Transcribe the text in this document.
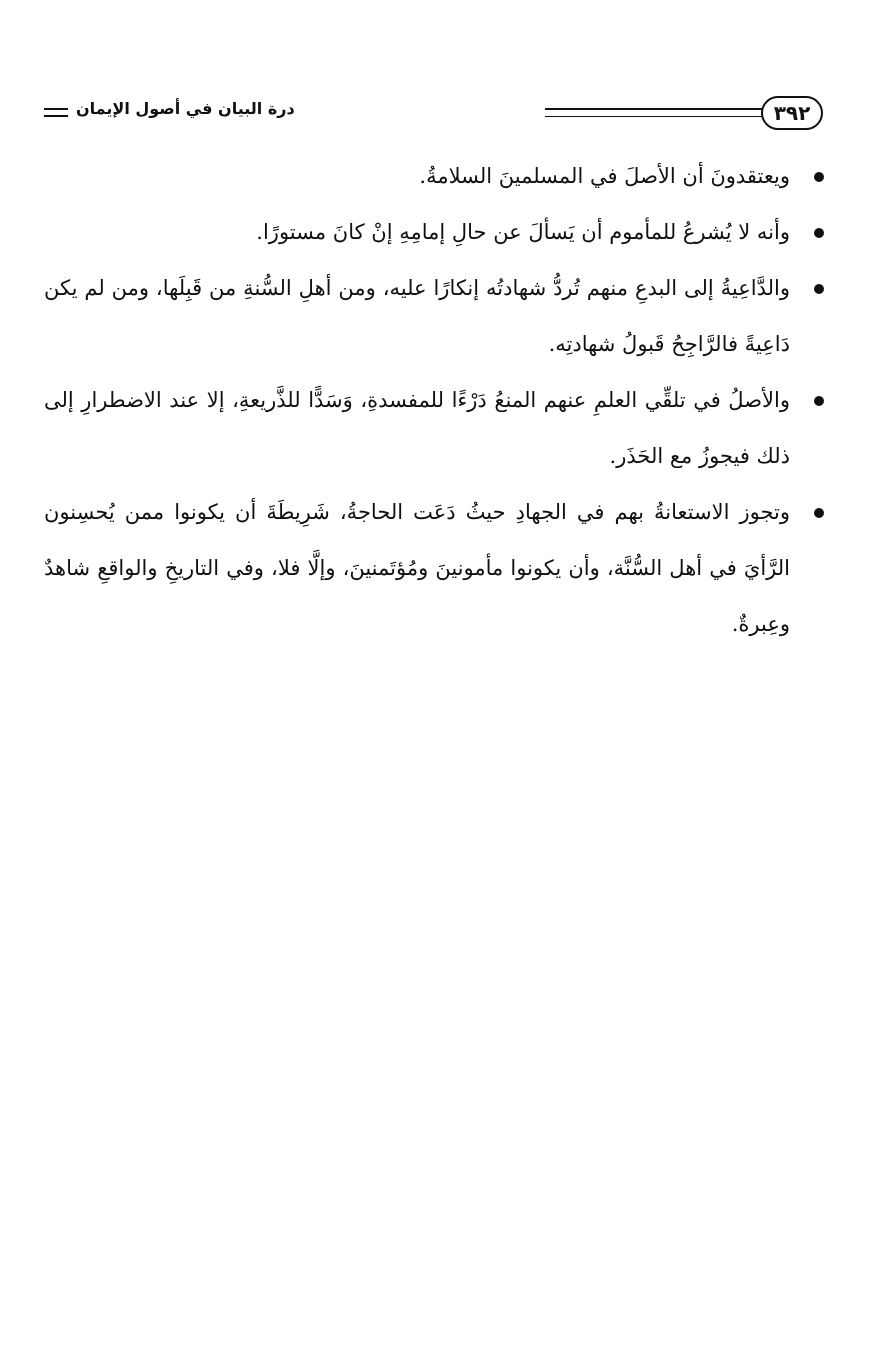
٣٩٢
درة البيان في أصول الإيمان

ويعتقدونَ أن الأصلَ في المسلمينَ السلامةُ.

وأنه لا يُشرعُ للمأموم أن يَسألَ عن حالِ إمامِهِ إنْ كانَ مستورًا.

والدَّاعِيةُ إلى البدعِ منهم تُردُّ شهادتُه إنكارًا عليه، ومن أهلِ السُّنةِ من قَبِلَها، ومن لم يكن دَاعِيةً فالرَّاجِحُ قَبولُ شهادتِه.

والأصلُ في تلقِّي العلمِ عنهم المنعُ دَرْءًا للمفسدةِ، وَسَدًّا للذَّريعةِ، إلا عند الاضطرارِ إلى ذلك فيجوزُ مع الحَذَر.

وتجوز الاستعانةُ بهم في الجهادِ حيثُ دَعَت الحاجةُ، شَرِيطَةَ أن يكونوا ممن يُحسِنون الرَّأيَ في أهل السُّنَّة، وأن يكونوا مأمونينَ ومُؤتَمنينَ، وإلَّا فلا، وفي التاريخِ والواقعِ شاهدٌ وعِبرةٌ.
